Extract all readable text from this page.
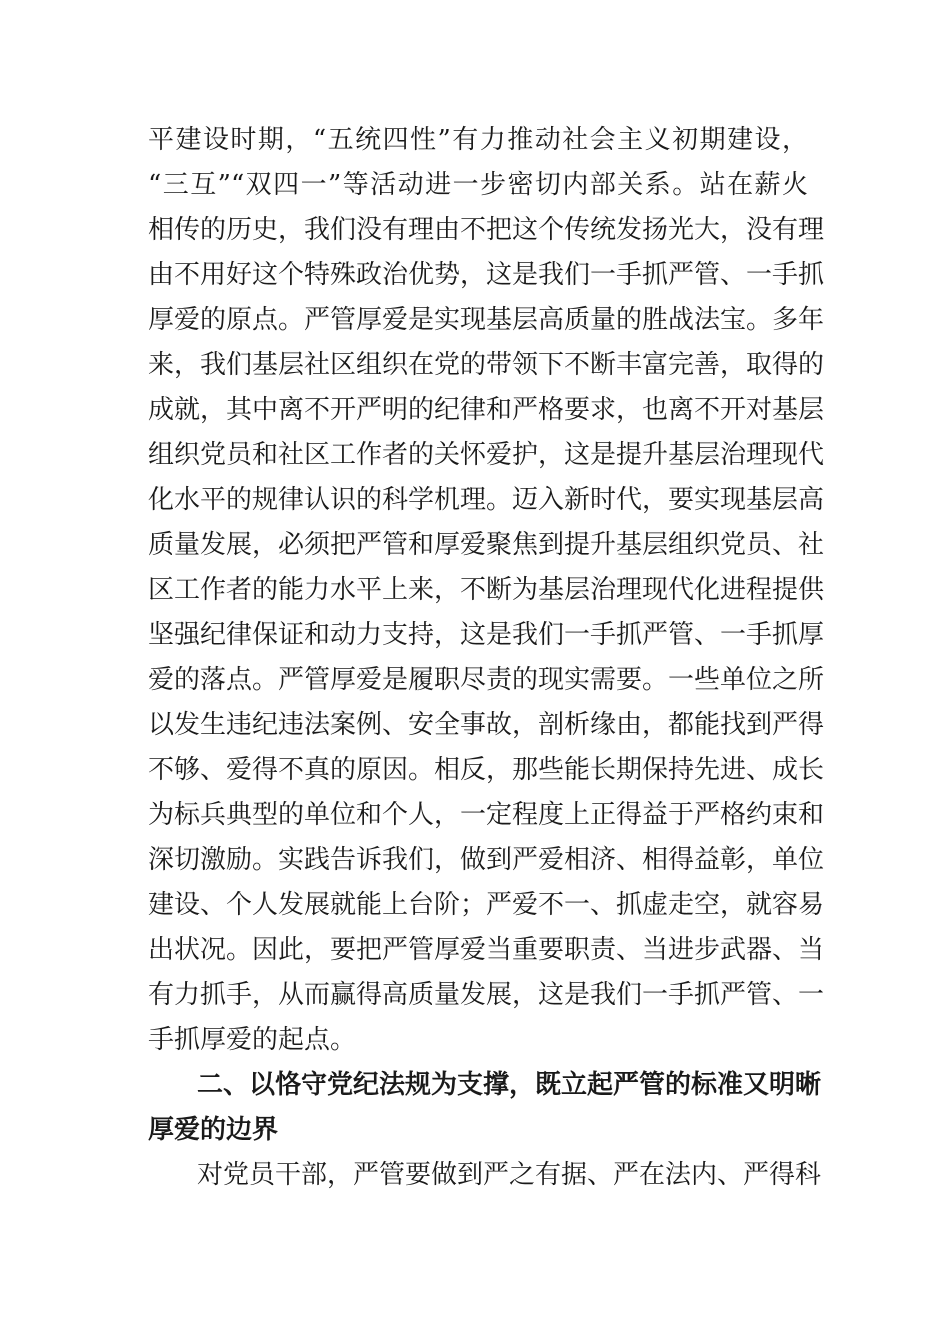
平建设时期，“五统四性”有力推动社会主义初期建设，
“三互”“双四一”等活动进一步密切内部关系。站在薪火
相传的历史，我们没有理由不把这个传统发扬光大，没有理
由不用好这个特殊政治优势，这是我们一手抓严管、一手抓
厚爱的原点。严管厚爱是实现基层高质量的胜战法宝。多年
来，我们基层社区组织在党的带领下不断丰富完善，取得的
成就，其中离不开严明的纪律和严格要求，也离不开对基层
组织党员和社区工作者的关怀爱护，这是提升基层治理现代
化水平的规律认识的科学机理。迈入新时代，要实现基层高
质量发展，必须把严管和厚爱聚焦到提升基层组织党员、社
区工作者的能力水平上来，不断为基层治理现代化进程提供
坚强纪律保证和动力支持，这是我们一手抓严管、一手抓厚
爱的落点。严管厚爱是履职尽责的现实需要。一些单位之所
以发生违纪违法案例、安全事故，剖析缘由，都能找到严得
不够、爱得不真的原因。相反，那些能长期保持先进、成长
为标兵典型的单位和个人，一定程度上正得益于严格约束和
深切激励。实践告诉我们，做到严爱相济、相得益彰，单位
建设、个人发展就能上台阶；严爱不一、抓虚走空，就容易
出状况。因此，要把严管厚爱当重要职责、当进步武器、当
有力抓手，从而赢得高质量发展，这是我们一手抓严管、一
手抓厚爱的起点。
二、以恪守党纪法规为支撑，既立起严管的标准又明晰
厚爱的边界
对党员干部，严管要做到严之有据、严在法内、严得科
